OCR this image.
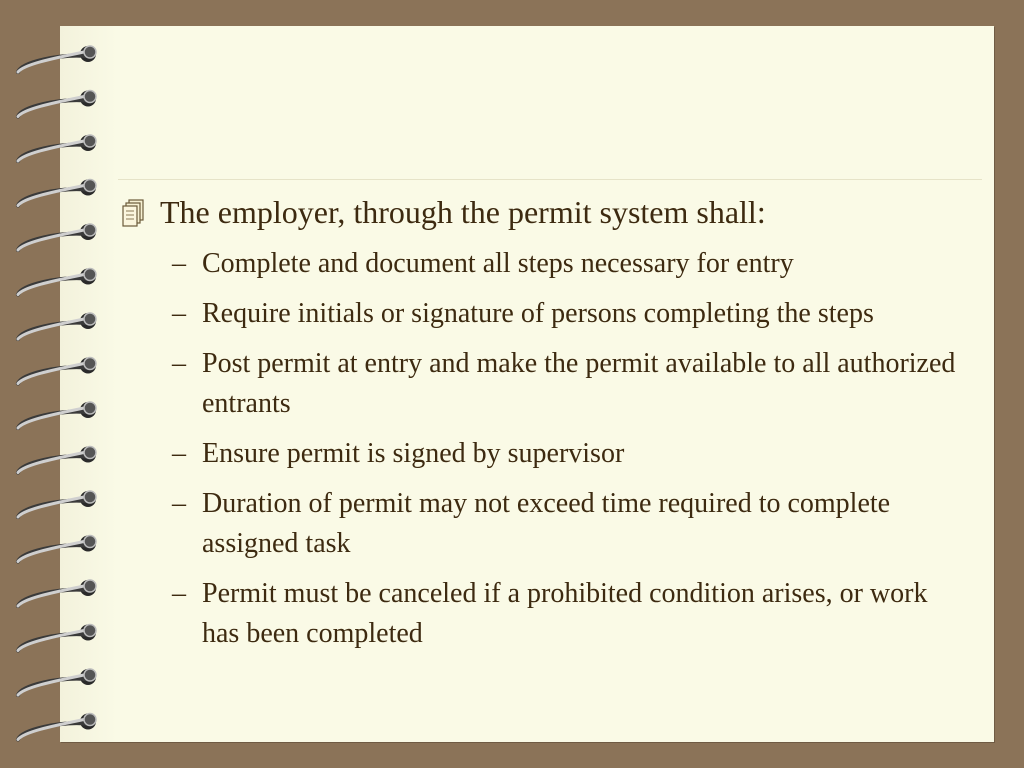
The employer, through the permit system shall:
– Complete and document all steps necessary for entry
– Require initials or signature of persons completing the steps
– Post permit at entry and make the permit available to all authorized entrants
– Ensure permit is signed by supervisor
– Duration of permit may not exceed time required to complete assigned task
– Permit must be canceled if a prohibited condition arises, or work has been completed
